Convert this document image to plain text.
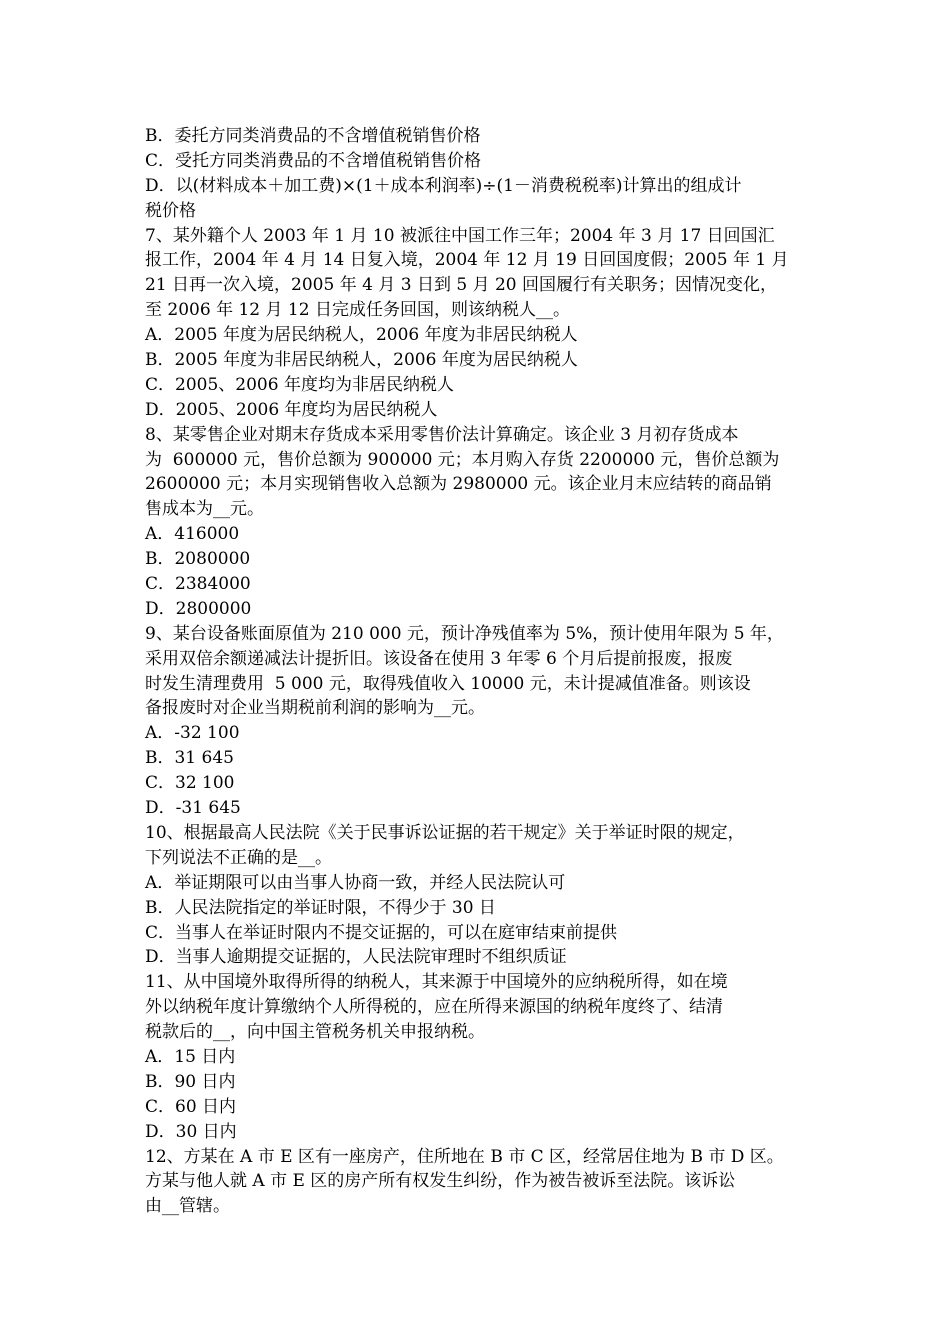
B．委托方同类消费品的不含增值税销售价格
C．受托方同类消费品的不含增值税销售价格
D．以(材料成本＋加工费)×(1＋成本利润率)÷(1－消费税税率)计算出的组成计
税价格
7、某外籍个人 2003 年 1 月 10 被派往中国工作三年；2004 年 3 月 17 日回国汇
报工作，2004 年 4 月 14 日复入境，2004 年 12 月 19 日回国度假；2005 年 1 月
21 日再一次入境，2005 年 4 月 3 日到 5 月 20 回国履行有关职务；因情况变化，
至 2006 年 12 月 12 日完成任务回国，则该纳税人__。
A．2005 年度为居民纳税人，2006 年度为非居民纳税人
B．2005 年度为非居民纳税人，2006 年度为居民纳税人
C．2005、2006 年度均为非居民纳税人
D．2005、2006 年度均为居民纳税人
8、某零售企业对期末存货成本采用零售价法计算确定。该企业 3 月初存货成本
为  600000 元，售价总额为 900000 元；本月购入存货 2200000 元，售价总额为
2600000 元；本月实现销售收入总额为 2980000 元。该企业月末应结转的商品销
售成本为__元。
A．416000
B．2080000
C．2384000
D．2800000
9、某台设备账面原值为 210 000 元，预计净残值率为 5%，预计使用年限为 5 年，
采用双倍余额递减法计提折旧。该设备在使用 3 年零 6 个月后提前报废，报废
时发生清理费用  5 000 元，取得残值收入 10000 元，未计提减值准备。则该设
备报废时对企业当期税前利润的影响为__元。
A．-32 100
B．31 645
C．32 100
D．-31 645
10、根据最高人民法院《关于民事诉讼证据的若干规定》关于举证时限的规定，
下列说法不正确的是__。
A．举证期限可以由当事人协商一致，并经人民法院认可
B．人民法院指定的举证时限，不得少于 30 日
C．当事人在举证时限内不提交证据的，可以在庭审结束前提供
D．当事人逾期提交证据的，人民法院审理时不组织质证
11、从中国境外取得所得的纳税人，其来源于中国境外的应纳税所得，如在境
外以纳税年度计算缴纳个人所得税的，应在所得来源国的纳税年度终了、结清
税款后的__，向中国主管税务机关申报纳税。
A．15 日内
B．90 日内
C．60 日内
D．30 日内
12、方某在 A 市 E 区有一座房产，住所地在 B 市 C 区，经常居住地为 B 市 D 区。
方某与他人就 A 市 E 区的房产所有权发生纠纷，作为被告被诉至法院。该诉讼
由__管辖。
